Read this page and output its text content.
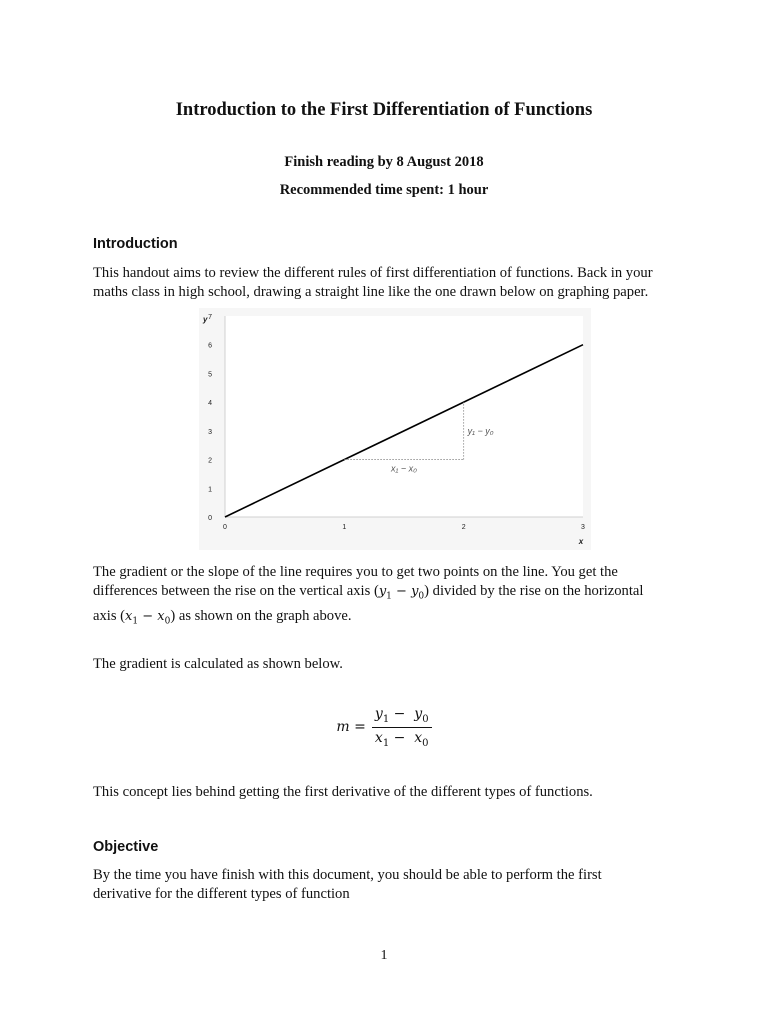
Introduction to the First Differentiation of Functions
Finish reading by 8 August 2018
Recommended time spent: 1 hour
Introduction
This handout aims to review the different rules of first differentiation of functions. Back in your
maths class in high school, drawing a straight line like the one drawn below on graphing paper.
0
1
2
3
4
5
6
7
0	1	2	3
y
x
y₁ − y₀
x₁ − x₀
The gradient or the slope of the line requires you to get two points on the line. You get the
differences between the rise on the vertical axis $(y_1 - y_0)$ divided by the rise on the horizontal
axis $(x_1 - x_0)$ as shown on the graph above.
The gradient is calculated as shown below.
$m = \frac{y_1 - y_0}{x_1 - x_0}$
This concept lies behind getting the first derivative of the different types of functions.
Objective
By the time you have finish with this document, you should be able to perform the first
derivative for the different types of function
1
